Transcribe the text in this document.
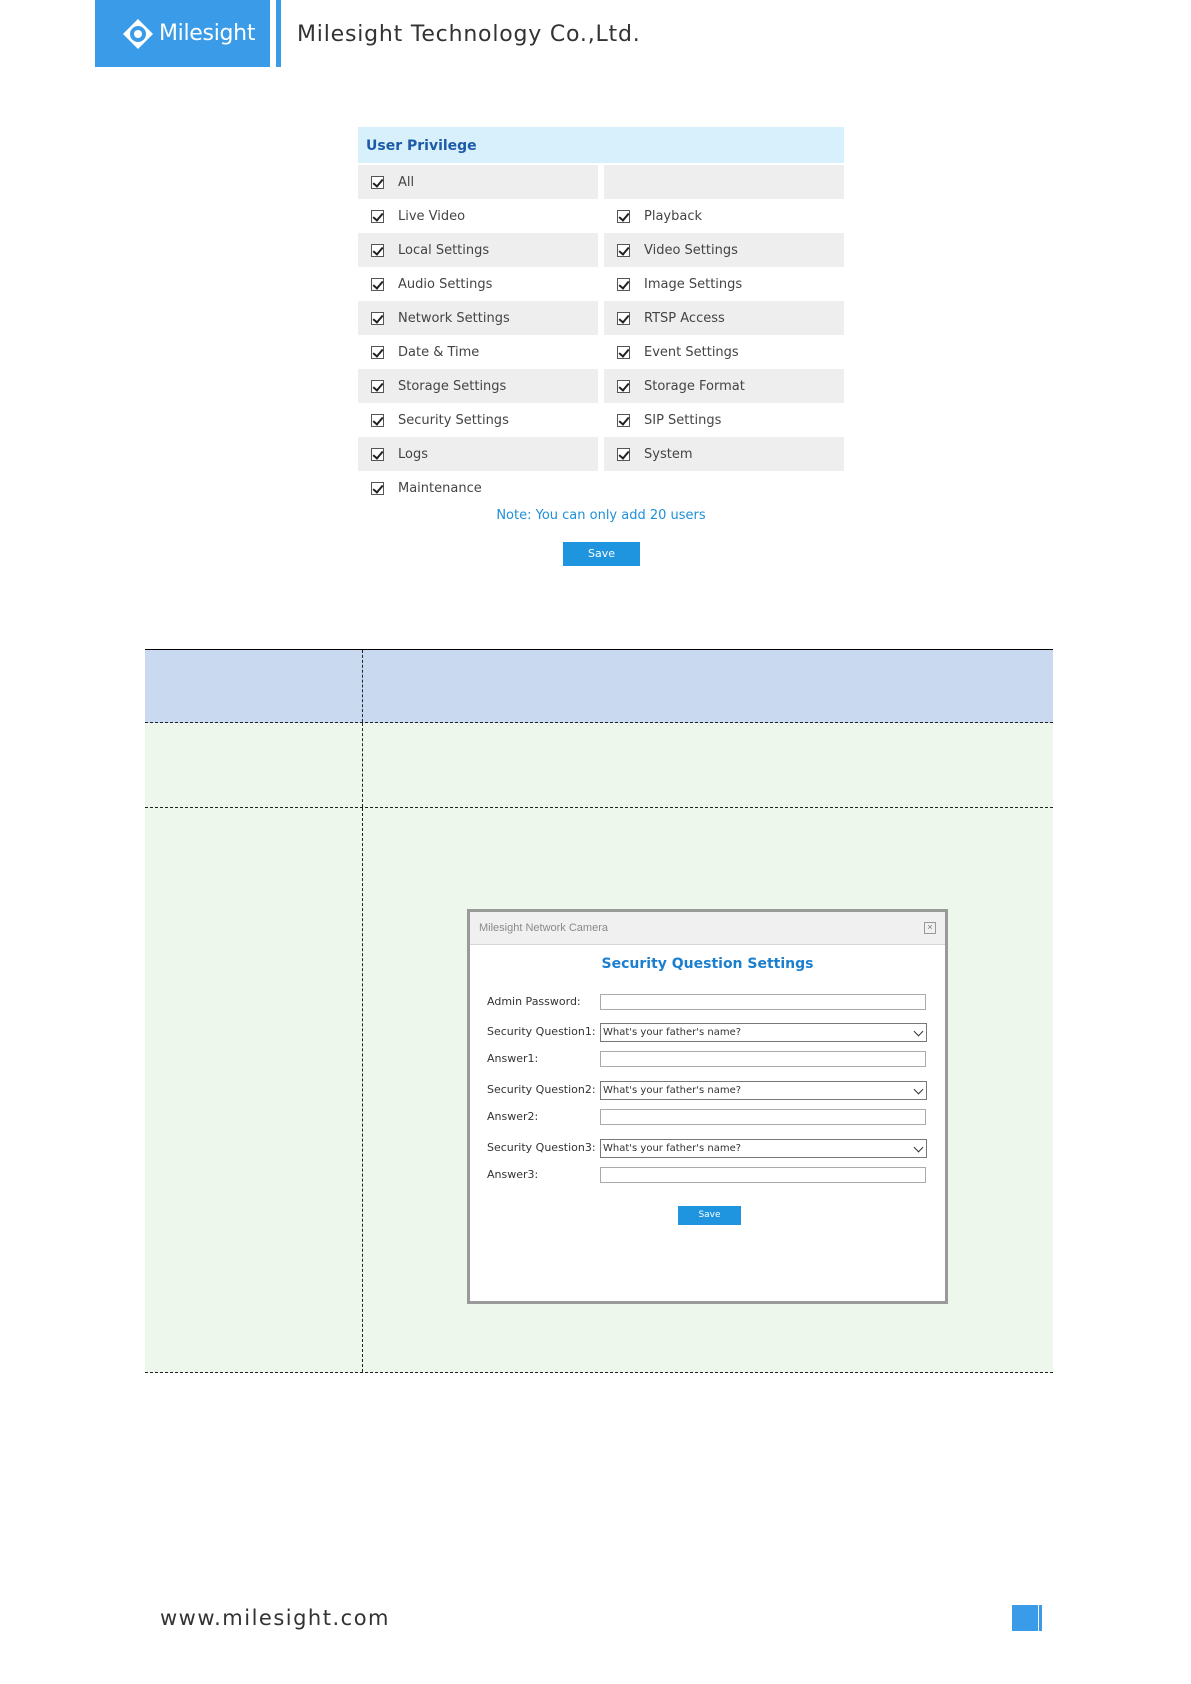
Milesight Milesight Technology Co.,Ltd.
User Privilege
All
Live Video	Playback
Local Settings	Video Settings
Audio Settings	Image Settings
Network Settings	RTSP Access
Date & Time	Event Settings
Storage Settings	Storage Format
Security Settings	SIP Settings
Logs	System
Maintenance
Note: You can only add 20 users
Save
Milesight Network Camera	×
Security Question Settings
Admin Password:
Security Question1: What's your father's name?
Answer1:
Security Question2: What's your father's name?
Answer2:
Security Question3: What's your father's name?
Answer3:
Save
www.milesight.com
